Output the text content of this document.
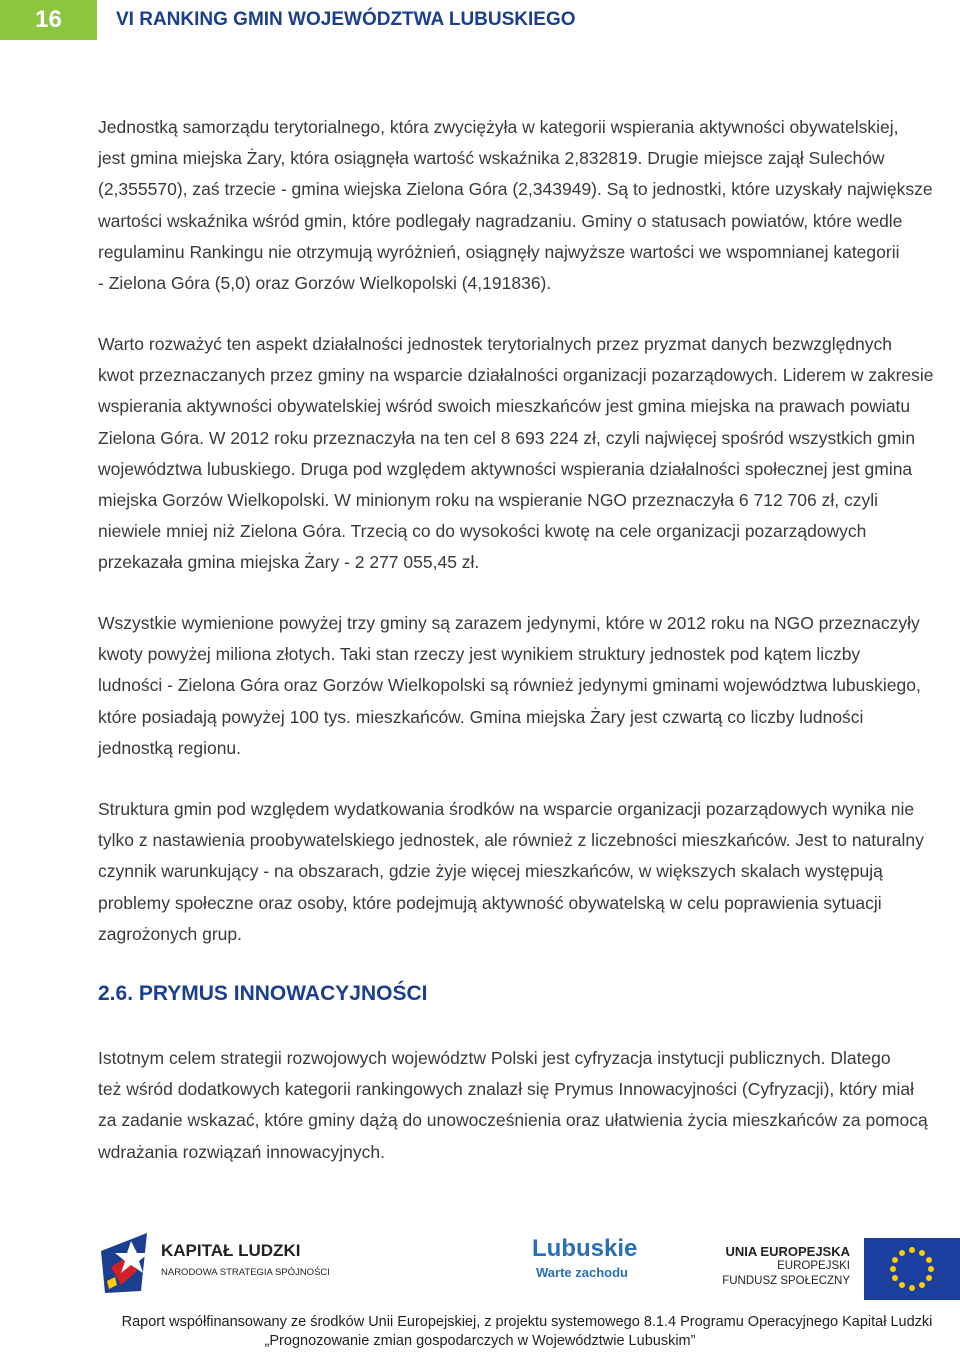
16	VI RANKING GMIN WOJEWÓDZTWA LUBUSKIEGO

Jednostką samorządu terytorialnego, która zwyciężyła w kategorii wspierania aktywności obywatelskiej,
jest gmina miejska Żary, która osiągnęła wartość wskaźnika 2,832819. Drugie miejsce zajął Sulechów
(2,355570), zaś trzecie - gmina wiejska Zielona Góra (2,343949). Są to jednostki, które uzyskały największe
wartości wskaźnika wśród gmin, które podlegały nagradzaniu. Gminy o statusach powiatów, które wedle
regulaminu Rankingu nie otrzymują wyróżnień, osiągnęły najwyższe wartości we wspomnianej kategorii
- Zielona Góra (5,0) oraz Gorzów Wielkopolski (4,191836).

Warto rozważyć ten aspekt działalności jednostek terytorialnych przez pryzmat danych bezwzględnych
kwot przeznaczanych przez gminy na wsparcie działalności organizacji pozarządowych. Liderem w zakresie
wspierania aktywności obywatelskiej wśród swoich mieszkańców jest gmina miejska na prawach powiatu
Zielona Góra. W 2012 roku przeznaczyła na ten cel 8 693 224 zł, czyli najwięcej spośród wszystkich gmin
województwa lubuskiego. Druga pod względem aktywności wspierania działalności społecznej jest gmina
miejska Gorzów Wielkopolski. W minionym roku na wspieranie NGO przeznaczyła 6 712 706 zł, czyli
niewiele mniej niż Zielona Góra. Trzecią co do wysokości kwotę na cele organizacji pozarządowych
przekazała gmina miejska Żary - 2 277 055,45 zł.

Wszystkie wymienione powyżej trzy gminy są zarazem jedynymi, które w 2012 roku na NGO przeznaczyły
kwoty powyżej miliona złotych. Taki stan rzeczy jest wynikiem struktury jednostek pod kątem liczby
ludności - Zielona Góra oraz Gorzów Wielkopolski są również jedynymi gminami województwa lubuskiego,
które posiadają powyżej 100 tys. mieszkańców. Gmina miejska Żary jest czwartą co liczby ludności
jednostką regionu.

Struktura gmin pod względem wydatkowania środków na wsparcie organizacji pozarządowych wynika nie
tylko z nastawienia proobywatelskiego jednostek, ale również z liczebności mieszkańców. Jest to naturalny
czynnik warunkujący - na obszarach, gdzie żyje więcej mieszkańców, w większych skalach występują
problemy społeczne oraz osoby, które podejmują aktywność obywatelską w celu poprawienia sytuacji
zagrożonych grup.

2.6. PRYMUS INNOWACYJNOŚCI

Istotnym celem strategii rozwojowych województw Polski jest cyfryzacja instytucji publicznych. Dlatego
też wśród dodatkowych kategorii rankingowych znalazł się Prymus Innowacyjności (Cyfryzacji), który miał
za zadanie wskazać, które gminy dążą do unowocześnienia oraz ułatwienia życia mieszkańców za pomocą
wdrażania rozwiązań innowacyjnych.

KAPITAŁ LUDZKI
NARODOWA STRATEGIA SPÓJNOŚCI
Lubuskie
Warte zachodu
UNIA EUROPEJSKA
EUROPEJSKI
FUNDUSZ SPOŁECZNY
Raport współfinansowany ze środków Unii Europejskiej, z projektu systemowego 8.1.4 Programu Operacyjnego Kapitał Ludzki
„Prognozowanie zmian gospodarczych w Województwie Lubuskim”
